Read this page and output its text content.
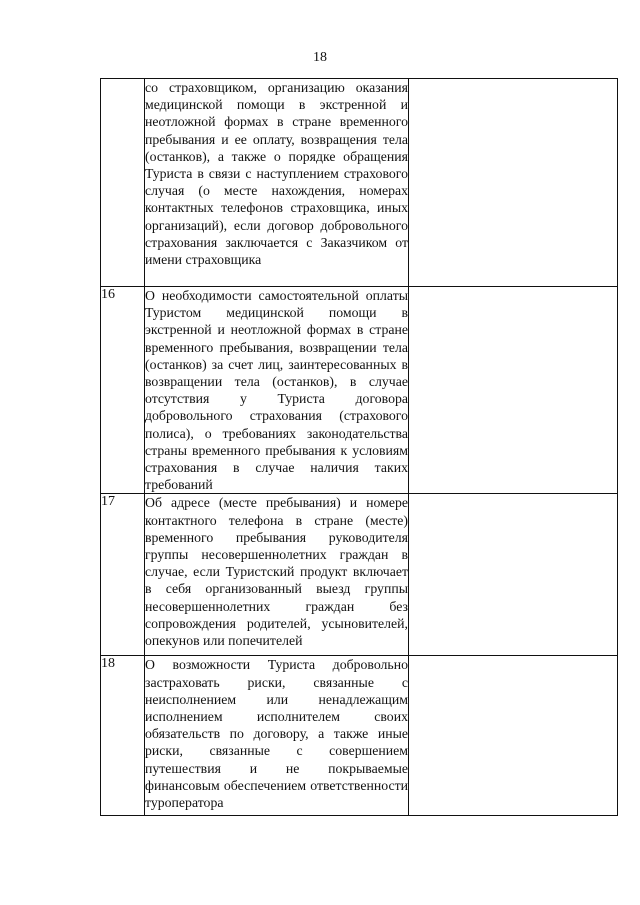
18
	со страховщиком, организацию оказания медицинской помощи в экстренной и неотложной формах в стране временного пребывания и ее оплату, возвращения тела (останков), а также о порядке обращения Туриста в связи с наступлением страхового случая (о месте нахождения, номерах контактных телефонов страховщика, иных организаций), если договор добровольного страхования заключается с Заказчиком от имени страховщика	
16	О необходимости самостоятельной оплаты Туристом медицинской помощи в экстренной и неотложной формах в стране временного пребывания, возвращении тела (останков) за счет лиц, заинтересованных в возвращении тела (останков), в случае отсутствия у Туриста договора добровольного страхования (страхового полиса), о требованиях законодательства страны временного пребывания к условиям страхования в случае наличия таких требований	
17	Об адресе (месте пребывания) и номере контактного телефона в стране (месте) временного пребывания руководителя группы несовершеннолетних граждан в случае, если Туристский продукт включает в себя организованный выезд группы несовершеннолетних граждан без сопровождения родителей, усыновителей, опекунов или попечителей	
18	О возможности Туриста добровольно застраховать риски, связанные с неисполнением или ненадлежащим исполнением исполнителем своих обязательств по договору, а также иные риски, связанные с совершением путешествия и не покрываемые финансовым обеспечением ответственности туроператора	
